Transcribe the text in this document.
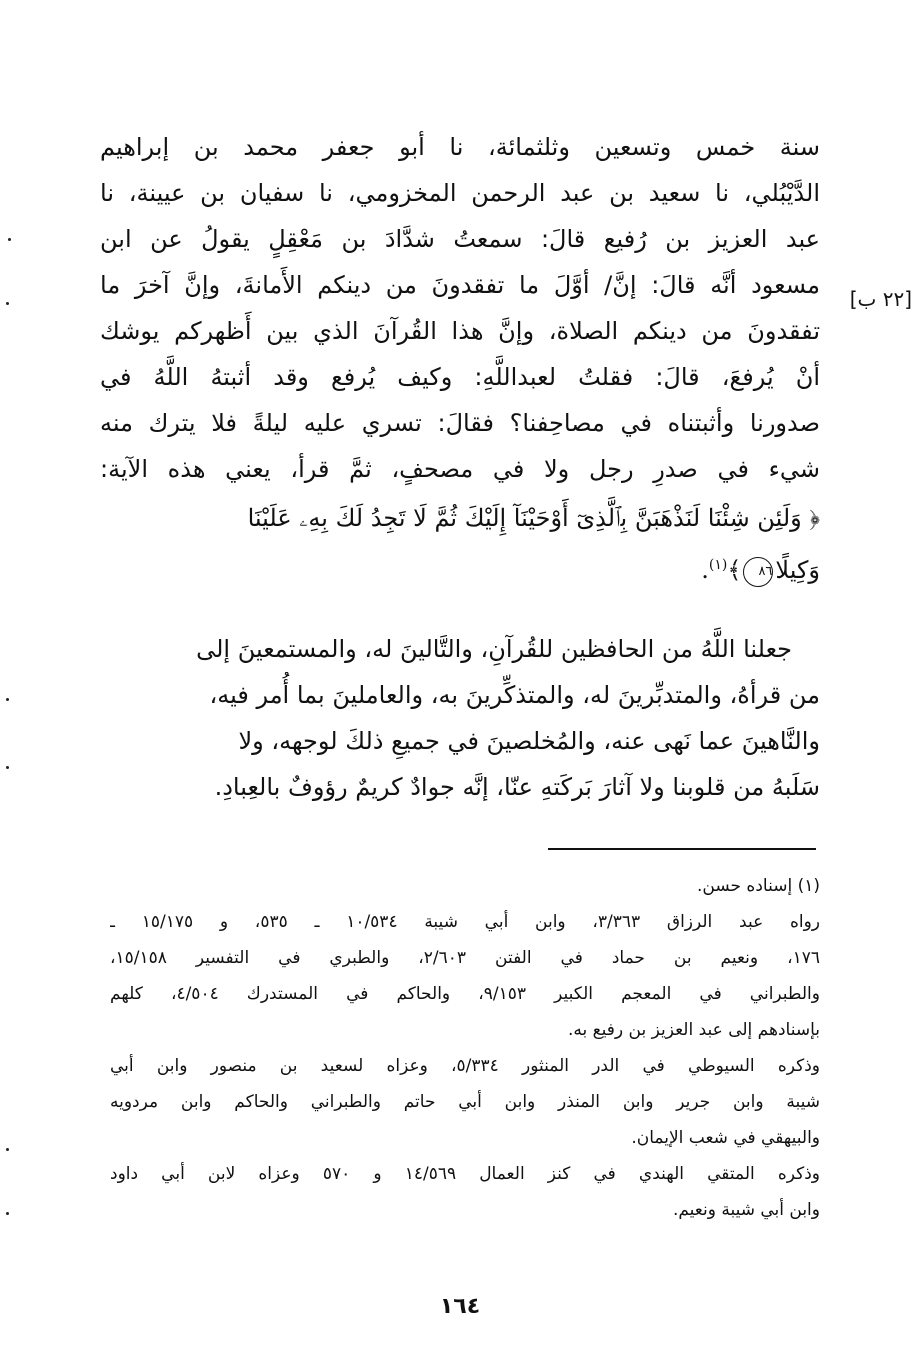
[٢٢ ب]
سنة خمس وتسعين وثلثمائة، نا أبو جعفر محمد بن إبراهيم
الدَّيْبُلي، نا سعيد بن عبد الرحمن المخزومي، نا سفيان بن عيينة، نا
عبد العزيز بن رُفيع قالَ: سمعتُ شدَّادَ بن مَعْقِلٍ يقولُ عن ابن
مسعود أنَّه قالَ: إنَّ/ أوَّلَ ما تفقدونَ من دينكم الأَمانةَ، وإنَّ آخرَ ما
تفقدونَ من دينكم الصلاة، وإنَّ هذا القُرآنَ الذي بين أَظهركم يوشك
أنْ يُرفعَ، قالَ: فقلتُ لعبداللَّهِ: وكيف يُرفع وقد أثبتهُ اللَّهُ في
صدورنا وأثبتناه في مصاحِفنا؟ فقالَ: تسري عليه ليلةً فلا يترك منه
شيء في صدرِ رجل ولا في مصحفٍ، ثمَّ قرأ، يعني هذه الآية:
﴿ وَلَئِن شِئْنَا لَنَذْهَبَنَّ بِٱلَّذِىٓ أَوْحَيْنَآ إِلَيْكَ ثُمَّ لَا تَجِدُ لَكَ بِهِۦ عَلَيْنَا
وَكِيلًا٨٦﴾$^{(١)}$.
جعلنا اللَّهُ من الحافظين للقُرآنِ، والتَّالينَ له، والمستمعينَ إلى
من قرأهُ، والمتدبِّرينَ له، والمتذكِّرينَ به، والعاملينَ بما أُمر فيه،
والنَّاهينَ عما نَهى عنه، والمُخلصينَ في جميعِ ذلكَ لوجهه، ولا
سَلَبهُ من قلوبنا ولا آثارَ بَركَتهِ عنّا، إنَّه جوادٌ كريمٌ رؤوفٌ بالعِبادِ.
(١) إسناده حسن.
رواه عبد الرزاق ٣/٣٦٣، وابن أبي شيبة ١٠/٥٣٤ ـ ٥٣٥، و ١٥/١٧٥ ـ
١٧٦، ونعيم بن حماد في الفتن ٢/٦٠٣، والطبري في التفسير ١٥/١٥٨،
والطبراني في المعجم الكبير ٩/١٥٣، والحاكم في المستدرك ٤/٥٠٤، كلهم
بإسنادهم إلى عبد العزيز بن رفيع به.
وذكره السيوطي في الدر المنثور ٥/٣٣٤، وعزاه لسعيد بن منصور وابن أبي
شيبة وابن جرير وابن المنذر وابن أبي حاتم والطبراني والحاكم وابن مردويه
والبيهقي في شعب الإيمان.
وذكره المتقي الهندي في كنز العمال ١٤/٥٦٩ و ٥٧٠ وعزاه لابن أبي داود
وابن أبي شيبة ونعيم.
١٦٤
